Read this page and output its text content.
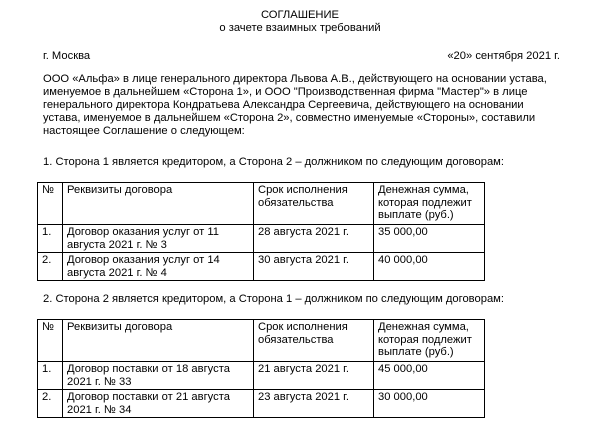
СОГЛАШЕНИЕ
о зачете взаимных требований
г. Москва	«20» сентября 2021 г.
ООО «Альфа» в лице генерального директора Львова А.В., действующего на основании устава,
именуемое в дальнейшем «Сторона 1», и ООО "Производственная фирма "Мастер"» в лице
генерального директора Кондратьева Александра Сергеевича, действующего на основании
устава, именуемое в дальнейшем «Сторона 2», совместно именуемые «Стороны», составили
настоящее Соглашение о следующем:
1. Сторона 1 является кредитором, а Сторона 2 – должником по следующим договорам:
№	Реквизиты договора	Срок исполнения обязательства	Денежная сумма, которая подлежит выплате (руб.)
1.	Договор оказания услуг от 11 августа 2021 г. № 3	28 августа 2021 г.	35 000,00
2.	Договор оказания услуг от 14 августа 2021 г. № 4	30 августа 2021 г.	40 000,00
2. Сторона 2 является кредитором, а Сторона 1 – должником по следующим договорам:
№	Реквизиты договора	Срок исполнения обязательства	Денежная сумма, которая подлежит выплате (руб.)
1.	Договор поставки от 18 августа 2021 г. № 33	21 августа 2021 г.	45 000,00
2.	Договор поставки от 21 августа 2021 г. № 34	23 августа 2021 г.	30 000,00
